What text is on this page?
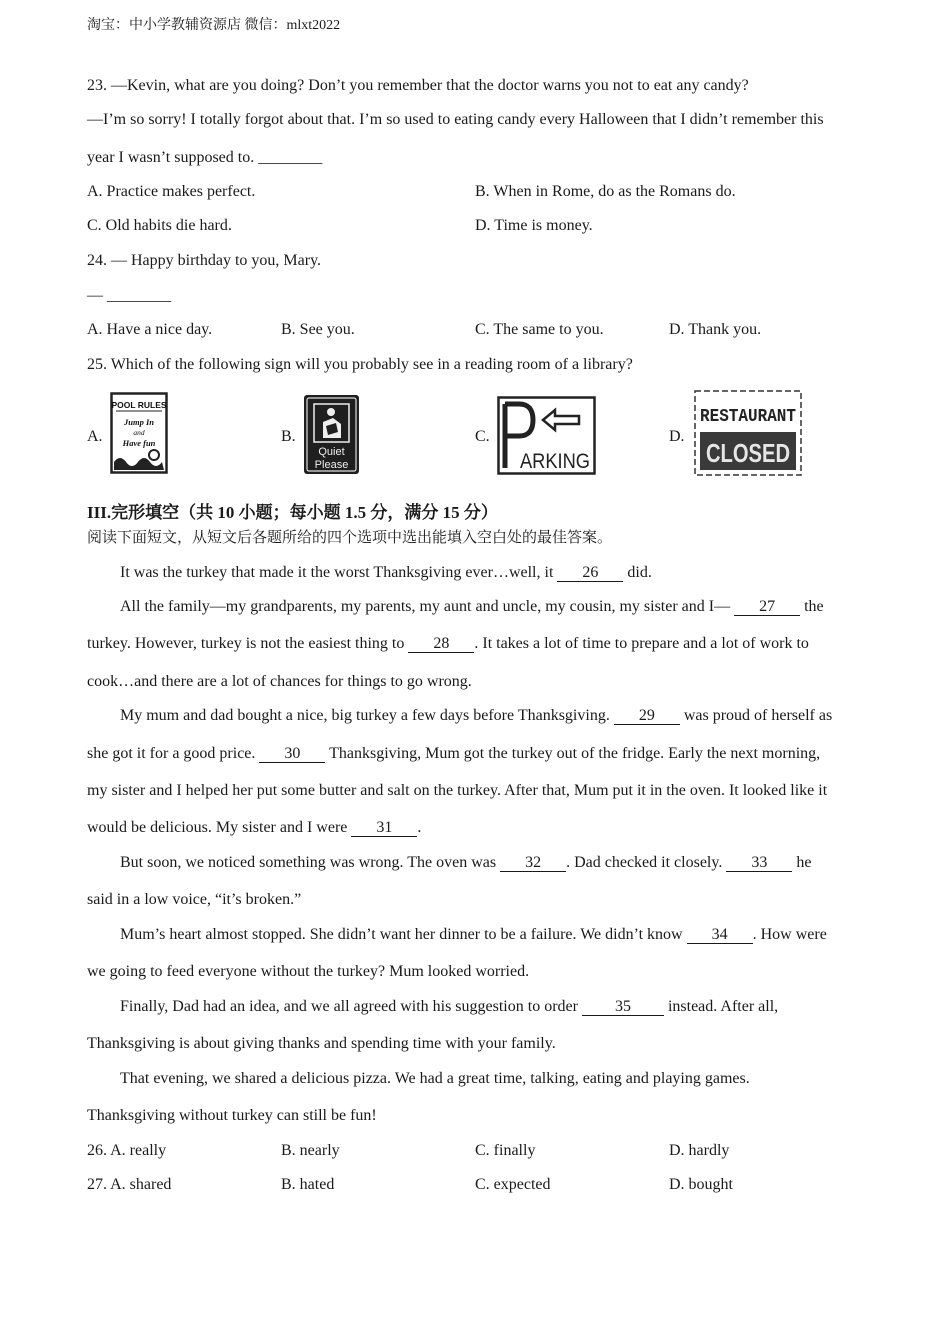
淘宝：中小学教辅资源店 微信：mlxt2022
23. —Kevin, what are you doing? Don’t you remember that the doctor warns you not to eat any candy?
—I’m so sorry! I totally forgot about that. I’m so used to eating candy every Halloween that I didn’t remember this
year I wasn’t supposed to. ________
A. Practice makes perfect.	B. When in Rome, do as the Romans do.
C. Old habits die hard.	D. Time is money.
24. — Happy birthday to you, Mary.
— ________
A. Have a nice day.	B. See you.	C. The same to you.	D. Thank you.
25. Which of the following sign will you probably see in a reading room of a library?
A.
POOL RULES
Jump In
and
Have fun	B.
Quiet
Please
C.
ARKING
D.
RESTAURANT
CLOSED
III.完形填空（共 10 小题；每小题 1.5 分，满分 15 分）
阅读下面短文，从短文后各题所给的四个选项中选出能填入空白处的最佳答案。
It was the turkey that made it the worst Thanksgiving ever…well, it 26 did.
All the family—my grandparents, my parents, my aunt and uncle, my cousin, my sister and I— 27 the
turkey. However, turkey is not the easiest thing to 28 . It takes a lot of time to prepare and a lot of work to
cook…and there are a lot of chances for things to go wrong.
My mum and dad bought a nice, big turkey a few days before Thanksgiving. 29 was proud of herself as
she got it for a good price. 30 Thanksgiving, Mum got the turkey out of the fridge. Early the next morning,
my sister and I helped her put some butter and salt on the turkey. After that, Mum put it in the oven. It looked like it
would be delicious. My sister and I were 31 .
But soon, we noticed something was wrong. The oven was 32 . Dad checked it closely. 33 he
said in a low voice, “it’s broken.”
Mum’s heart almost stopped. She didn’t want her dinner to be a failure. We didn’t know 34 . How were
we going to feed everyone without the turkey? Mum looked worried.
Finally, Dad had an idea, and we all agreed with his suggestion to order 35 instead. After all,
Thanksgiving is about giving thanks and spending time with your family.
That evening, we shared a delicious pizza. We had a great time, talking, eating and playing games.
Thanksgiving without turkey can still be fun!
26. A. really	B. nearly	C. finally	D. hardly
27. A. shared	B. hated	C. expected	D. bought
